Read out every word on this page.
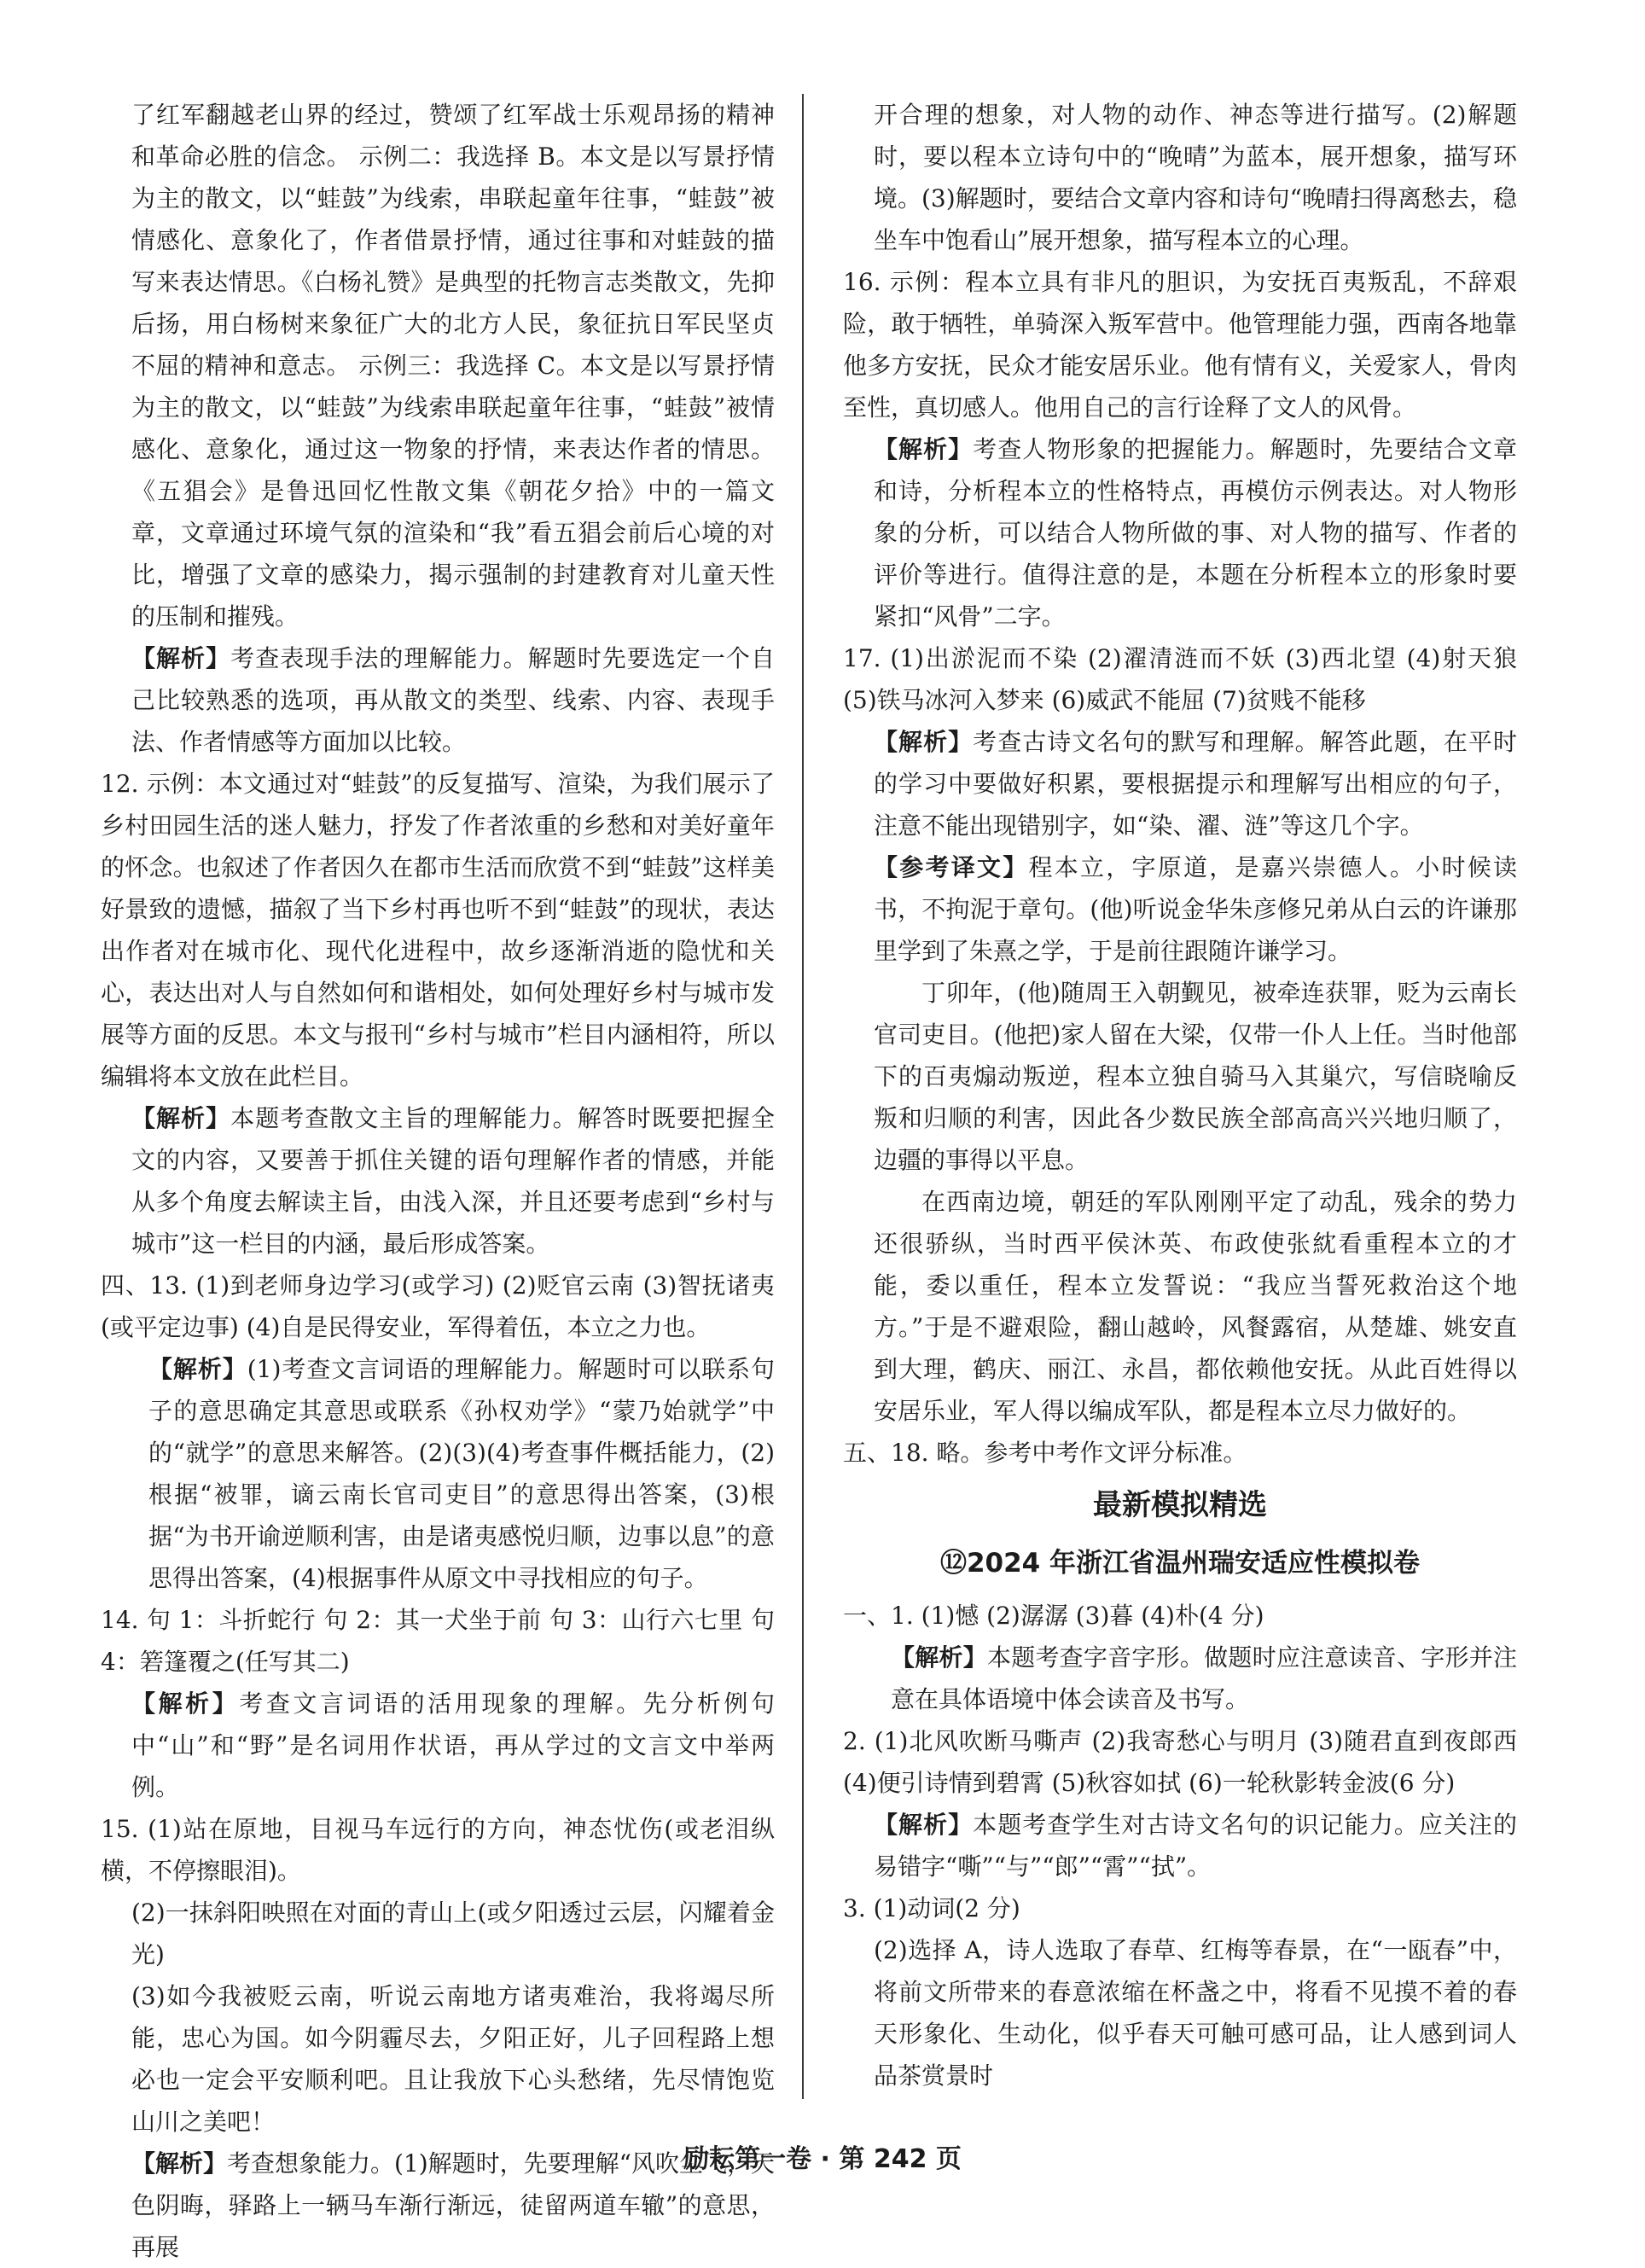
了红军翻越老山界的经过，赞颂了红军战士乐观昂扬的精神和革命必胜的信念。 示例二：我选择 B。本文是以写景抒情为主的散文，以“蛙鼓”为线索，串联起童年往事，“蛙鼓”被情感化、意象化了，作者借景抒情，通过往事和对蛙鼓的描写来表达情思。《白杨礼赞》是典型的托物言志类散文，先抑后扬，用白杨树来象征广大的北方人民，象征抗日军民坚贞不屈的精神和意志。 示例三：我选择 C。本文是以写景抒情为主的散文，以“蛙鼓”为线索串联起童年往事，“蛙鼓”被情感化、意象化，通过这一物象的抒情，来表达作者的情思。《五猖会》是鲁迅回忆性散文集《朝花夕拾》中的一篇文章，文章通过环境气氛的渲染和“我”看五猖会前后心境的对比，增强了文章的感染力，揭示强制的封建教育对儿童天性的压制和摧残。

【解析】考查表现手法的理解能力。解题时先要选定一个自己比较熟悉的选项，再从散文的类型、线索、内容、表现手法、作者情感等方面加以比较。

12. 示例：本文通过对“蛙鼓”的反复描写、渲染，为我们展示了乡村田园生活的迷人魅力，抒发了作者浓重的乡愁和对美好童年的怀念。也叙述了作者因久在都市生活而欣赏不到“蛙鼓”这样美好景致的遗憾，描叙了当下乡村再也听不到“蛙鼓”的现状，表达出作者对在城市化、现代化进程中，故乡逐渐消逝的隐忧和关心，表达出对人与自然如何和谐相处，如何处理好乡村与城市发展等方面的反思。本文与报刊“乡村与城市”栏目内涵相符，所以编辑将本文放在此栏目。

【解析】本题考查散文主旨的理解能力。解答时既要把握全文的内容，又要善于抓住关键的语句理解作者的情感，并能从多个角度去解读主旨，由浅入深，并且还要考虑到“乡村与城市”这一栏目的内涵，最后形成答案。

四、13. (1)到老师身边学习(或学习) (2)贬官云南 (3)智抚诸夷(或平定边事) (4)自是民得安业，军得着伍，本立之力也。

【解析】(1)考查文言词语的理解能力。解题时可以联系句子的意思确定其意思或联系《孙权劝学》“蒙乃始就学”中的“就学”的意思来解答。(2)(3)(4)考查事件概括能力，(2)根据“被罪，谪云南长官司吏目”的意思得出答案，(3)根据“为书开谕逆顺利害，由是诸夷感悦归顺，边事以息”的意思得出答案，(4)根据事件从原文中寻找相应的句子。

14. 句 1：斗折蛇行 句 2：其一犬坐于前 句 3：山行六七里 句 4：箬篷覆之(任写其二)

【解析】考查文言词语的活用现象的理解。先分析例句中“山”和“野”是名词用作状语，再从学过的文言文中举两例。

15. (1)站在原地，目视马车远行的方向，神态忧伤(或老泪纵横，不停擦眼泪)。

(2)一抹斜阳映照在对面的青山上(或夕阳透过云层，闪耀着金光)

(3)如今我被贬云南，听说云南地方诸夷难治，我将竭尽所能，忠心为国。如今阴霾尽去，夕阳正好，儿子回程路上想必也一定会平安顺利吧。且让我放下心头愁绪，先尽情饱览山川之美吧！

【解析】考查想象能力。(1)解题时，先要理解“风吹尘飞，天色阴晦，驿路上一辆马车渐行渐远，徒留两道车辙”的意思，再展

开合理的想象，对人物的动作、神态等进行描写。(2)解题时，要以程本立诗句中的“晚晴”为蓝本，展开想象，描写环境。(3)解题时，要结合文章内容和诗句“晚晴扫得离愁去，稳坐车中饱看山”展开想象，描写程本立的心理。

16. 示例：程本立具有非凡的胆识，为安抚百夷叛乱，不辞艰险，敢于牺牲，单骑深入叛军营中。他管理能力强，西南各地靠他多方安抚，民众才能安居乐业。他有情有义，关爱家人，骨肉至性，真切感人。他用自己的言行诠释了文人的风骨。

【解析】考查人物形象的把握能力。解题时，先要结合文章和诗，分析程本立的性格特点，再模仿示例表达。对人物形象的分析，可以结合人物所做的事、对人物的描写、作者的评价等进行。值得注意的是，本题在分析程本立的形象时要紧扣“风骨”二字。

17. (1)出淤泥而不染 (2)濯清涟而不妖 (3)西北望 (4)射天狼 (5)铁马冰河入梦来 (6)威武不能屈 (7)贫贱不能移

【解析】考查古诗文名句的默写和理解。解答此题，在平时的学习中要做好积累，要根据提示和理解写出相应的句子，注意不能出现错别字，如“染、濯、涟”等这几个字。

【参考译文】程本立，字原道，是嘉兴崇德人。小时候读书，不拘泥于章句。(他)听说金华朱彦修兄弟从白云的许谦那里学到了朱熹之学，于是前往跟随许谦学习。

丁卯年，(他)随周王入朝觐见，被牵连获罪，贬为云南长官司吏目。(他把)家人留在大梁，仅带一仆人上任。当时他部下的百夷煽动叛逆，程本立独自骑马入其巢穴，写信晓喻反叛和归顺的利害，因此各少数民族全部高高兴兴地归顺了，边疆的事得以平息。

在西南边境，朝廷的军队刚刚平定了动乱，残余的势力还很骄纵，当时西平侯沐英、布政使张紞看重程本立的才能，委以重任，程本立发誓说：“我应当誓死救治这个地方。”于是不避艰险，翻山越岭，风餐露宿，从楚雄、姚安直到大理，鹤庆、丽江、永昌，都依赖他安抚。从此百姓得以安居乐业，军人得以编成军队，都是程本立尽力做好的。

五、18. 略。参考中考作文评分标准。

最新模拟精选
⑫2024 年浙江省温州瑞安适应性模拟卷

一、1. (1)憾 (2)潺潺 (3)暮 (4)朴(4 分)

【解析】本题考查字音字形。做题时应注意读音、字形并注意在具体语境中体会读音及书写。

2. (1)北风吹断马嘶声 (2)我寄愁心与明月 (3)随君直到夜郎西 (4)便引诗情到碧霄 (5)秋容如拭 (6)一轮秋影转金波(6 分)

【解析】本题考查学生对古诗文名句的识记能力。应关注的易错字“嘶”“与”“郎”“霄”“拭”。

3. (1)动词(2 分)

(2)选择 A，诗人选取了春草、红梅等春景，在“一瓯春”中，将前文所带来的春意浓缩在杯盏之中，将看不见摸不着的春天形象化、生动化，似乎春天可触可感可品，让人感到词人品茶赏景时

励耘第一卷 · 第 242 页
